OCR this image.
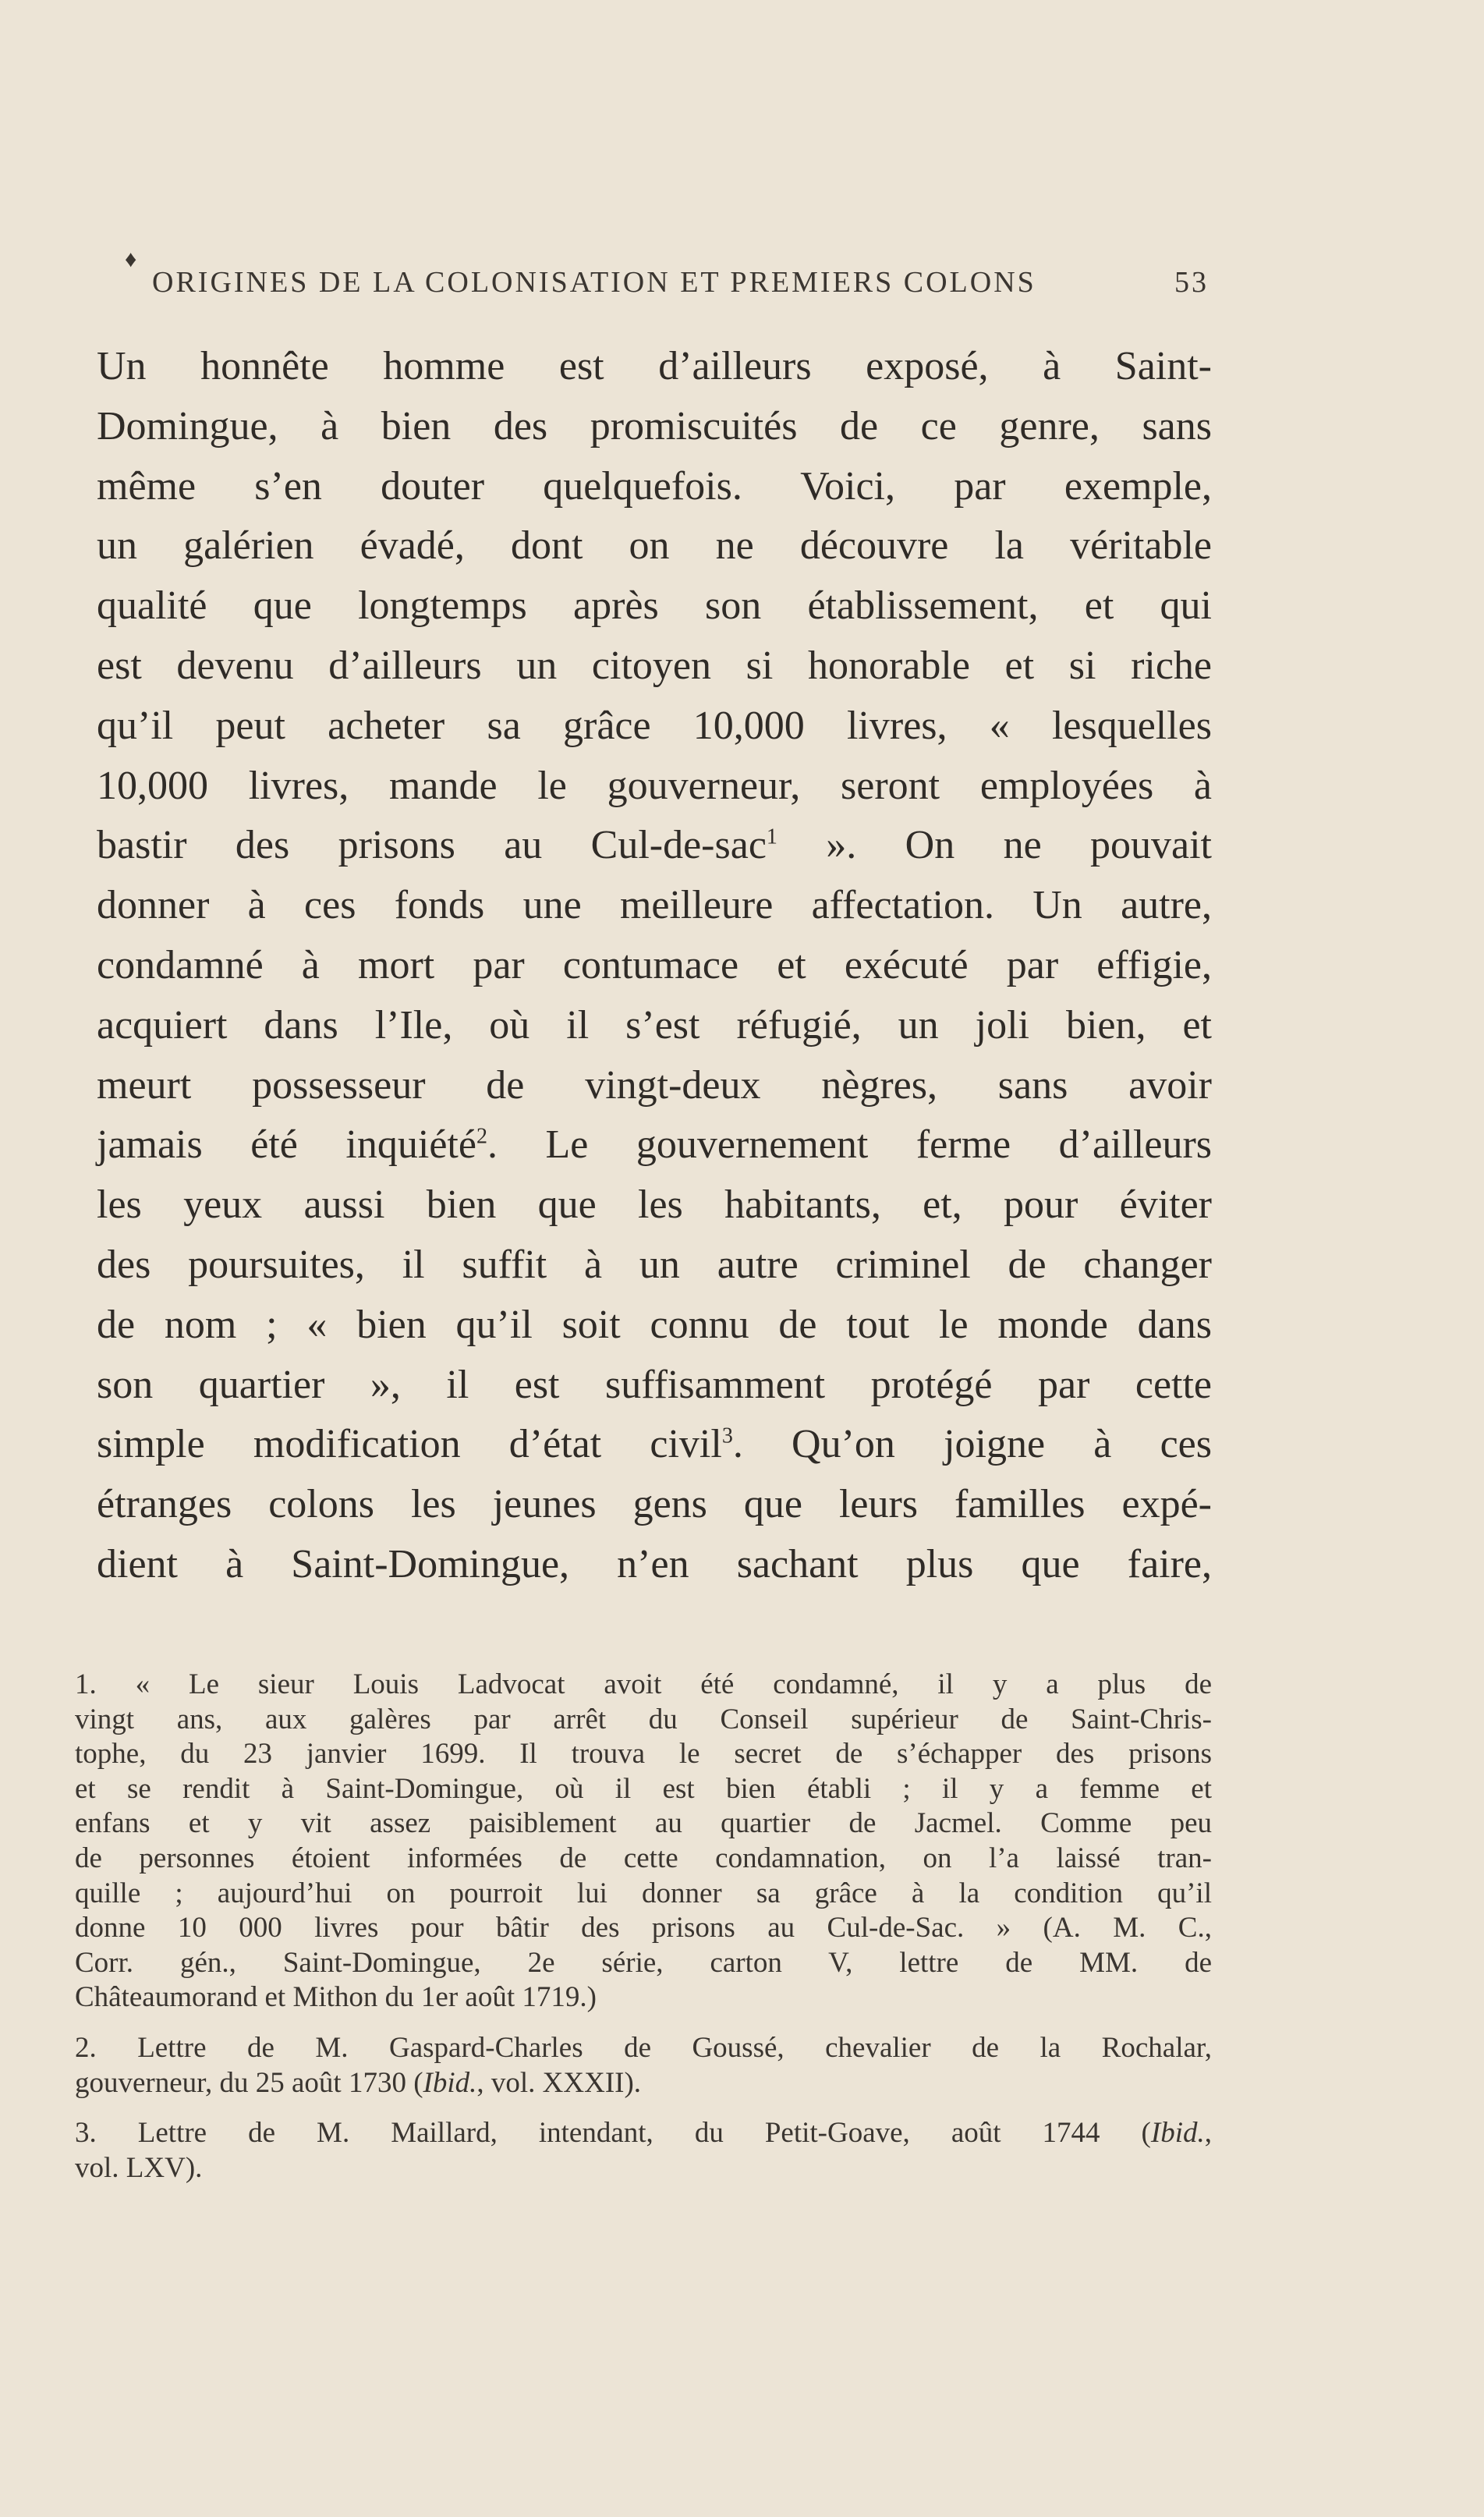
♦
ORIGINES DE LA COLONISATION ET PREMIERS COLONS	53
Un honnête homme est d’ailleurs exposé, à Saint-
Domingue, à bien des promiscuités de ce genre, sans
même s’en douter quelquefois. Voici, par exemple,
un galérien évadé, dont on ne découvre la véritable
qualité que longtemps après son établissement, et qui
est devenu d’ailleurs un citoyen si honorable et si riche
qu’il peut acheter sa grâce 10,000 livres, « lesquelles
10,000 livres, mande le gouverneur, seront employées à
bastir des prisons au Cul-de-sac$^1$ ». On ne pouvait
donner à ces fonds une meilleure affectation. Un autre,
condamné à mort par contumace et exécuté par effigie,
acquiert dans l’Ile, où il s’est réfugié, un joli bien, et
meurt possesseur de vingt-deux nègres, sans avoir
jamais été inquiété$^2$. Le gouvernement ferme d’ailleurs
les yeux aussi bien que les habitants, et, pour éviter
des poursuites, il suffit à un autre criminel de changer
de nom ; « bien qu’il soit connu de tout le monde dans
son quartier », il est suffisamment protégé par cette
simple modification d’état civil$^3$. Qu’on joigne à ces
étranges colons les jeunes gens que leurs familles expé-
dient à Saint-Domingue, n’en sachant plus que faire,
1. « Le sieur Louis Ladvocat avoit été condamné, il y a plus de
vingt ans, aux galères par arrêt du Conseil supérieur de Saint-Chris-
tophe, du 23 janvier 1699. Il trouva le secret de s’échapper des prisons
et se rendit à Saint-Domingue, où il est bien établi ; il y a femme et
enfans et y vit assez paisiblement au quartier de Jacmel. Comme peu
de personnes étoient informées de cette condamnation, on l’a laissé tran-
quille ; aujourd’hui on pourroit lui donner sa grâce à la condition qu’il
donne 10 000 livres pour bâtir des prisons au Cul-de-Sac. » (A. M. C.,
Corr. gén., Saint-Domingue, 2e série, carton V, lettre de MM. de
Châteaumorand et Mithon du 1er août 1719.)
2. Lettre de M. Gaspard-Charles de Goussé, chevalier de la Rochalar,
gouverneur, du 25 août 1730 (Ibid., vol. XXXII).
3. Lettre de M. Maillard, intendant, du Petit-Goave, août 1744 (Ibid.,
vol. LXV).
